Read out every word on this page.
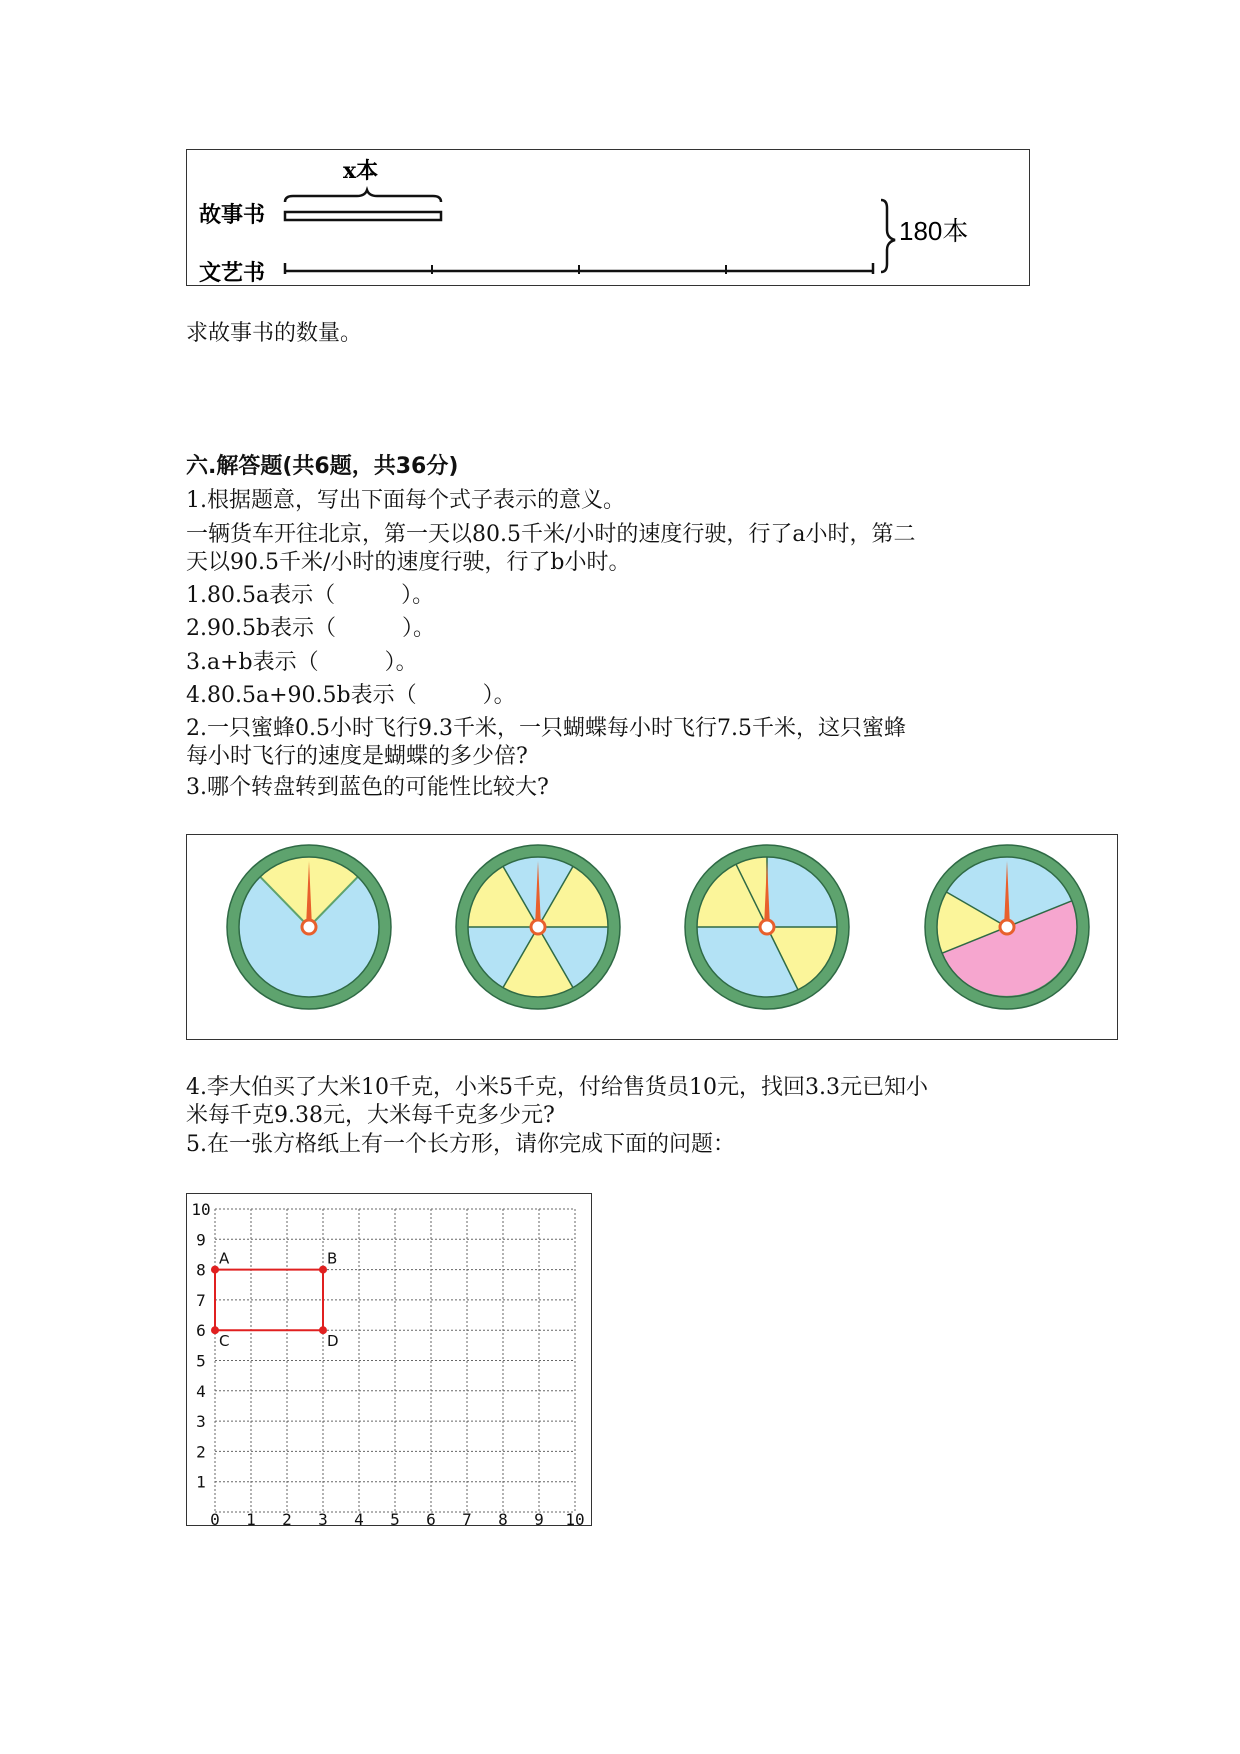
x本
故事书
文艺书
180本
求故事书的数量。
六.解答题(共6题，共36分)
1.根据题意，写出下面每个式子表示的意义。
一辆货车开往北京，第一天以80.5千米/小时的速度行驶，行了a小时，第二
天以90.5千米/小时的速度行驶，行了b小时。
1.80.5a表示（　　　）。
2.90.5b表示（　　　）。
3.a+b表示（　　　）。
4.80.5a+90.5b表示（　　　）。
2.一只蜜蜂0.5小时飞行9.3千米，一只蝴蝶每小时飞行7.5千米，这只蜜蜂
每小时飞行的速度是蝴蝶的多少倍?
3.哪个转盘转到蓝色的可能性比较大?
4.李大伯买了大米10千克，小米5千克，付给售货员10元，找回3.3元已知小
米每千克9.38元，大米每千克多少元?
5.在一张方格纸上有一个长方形，请你完成下面的问题：
0 1 2 3 4 5 6 7 8 9 10
1
2
3
4
5
6
7
8
9
10
A	B
C	D
